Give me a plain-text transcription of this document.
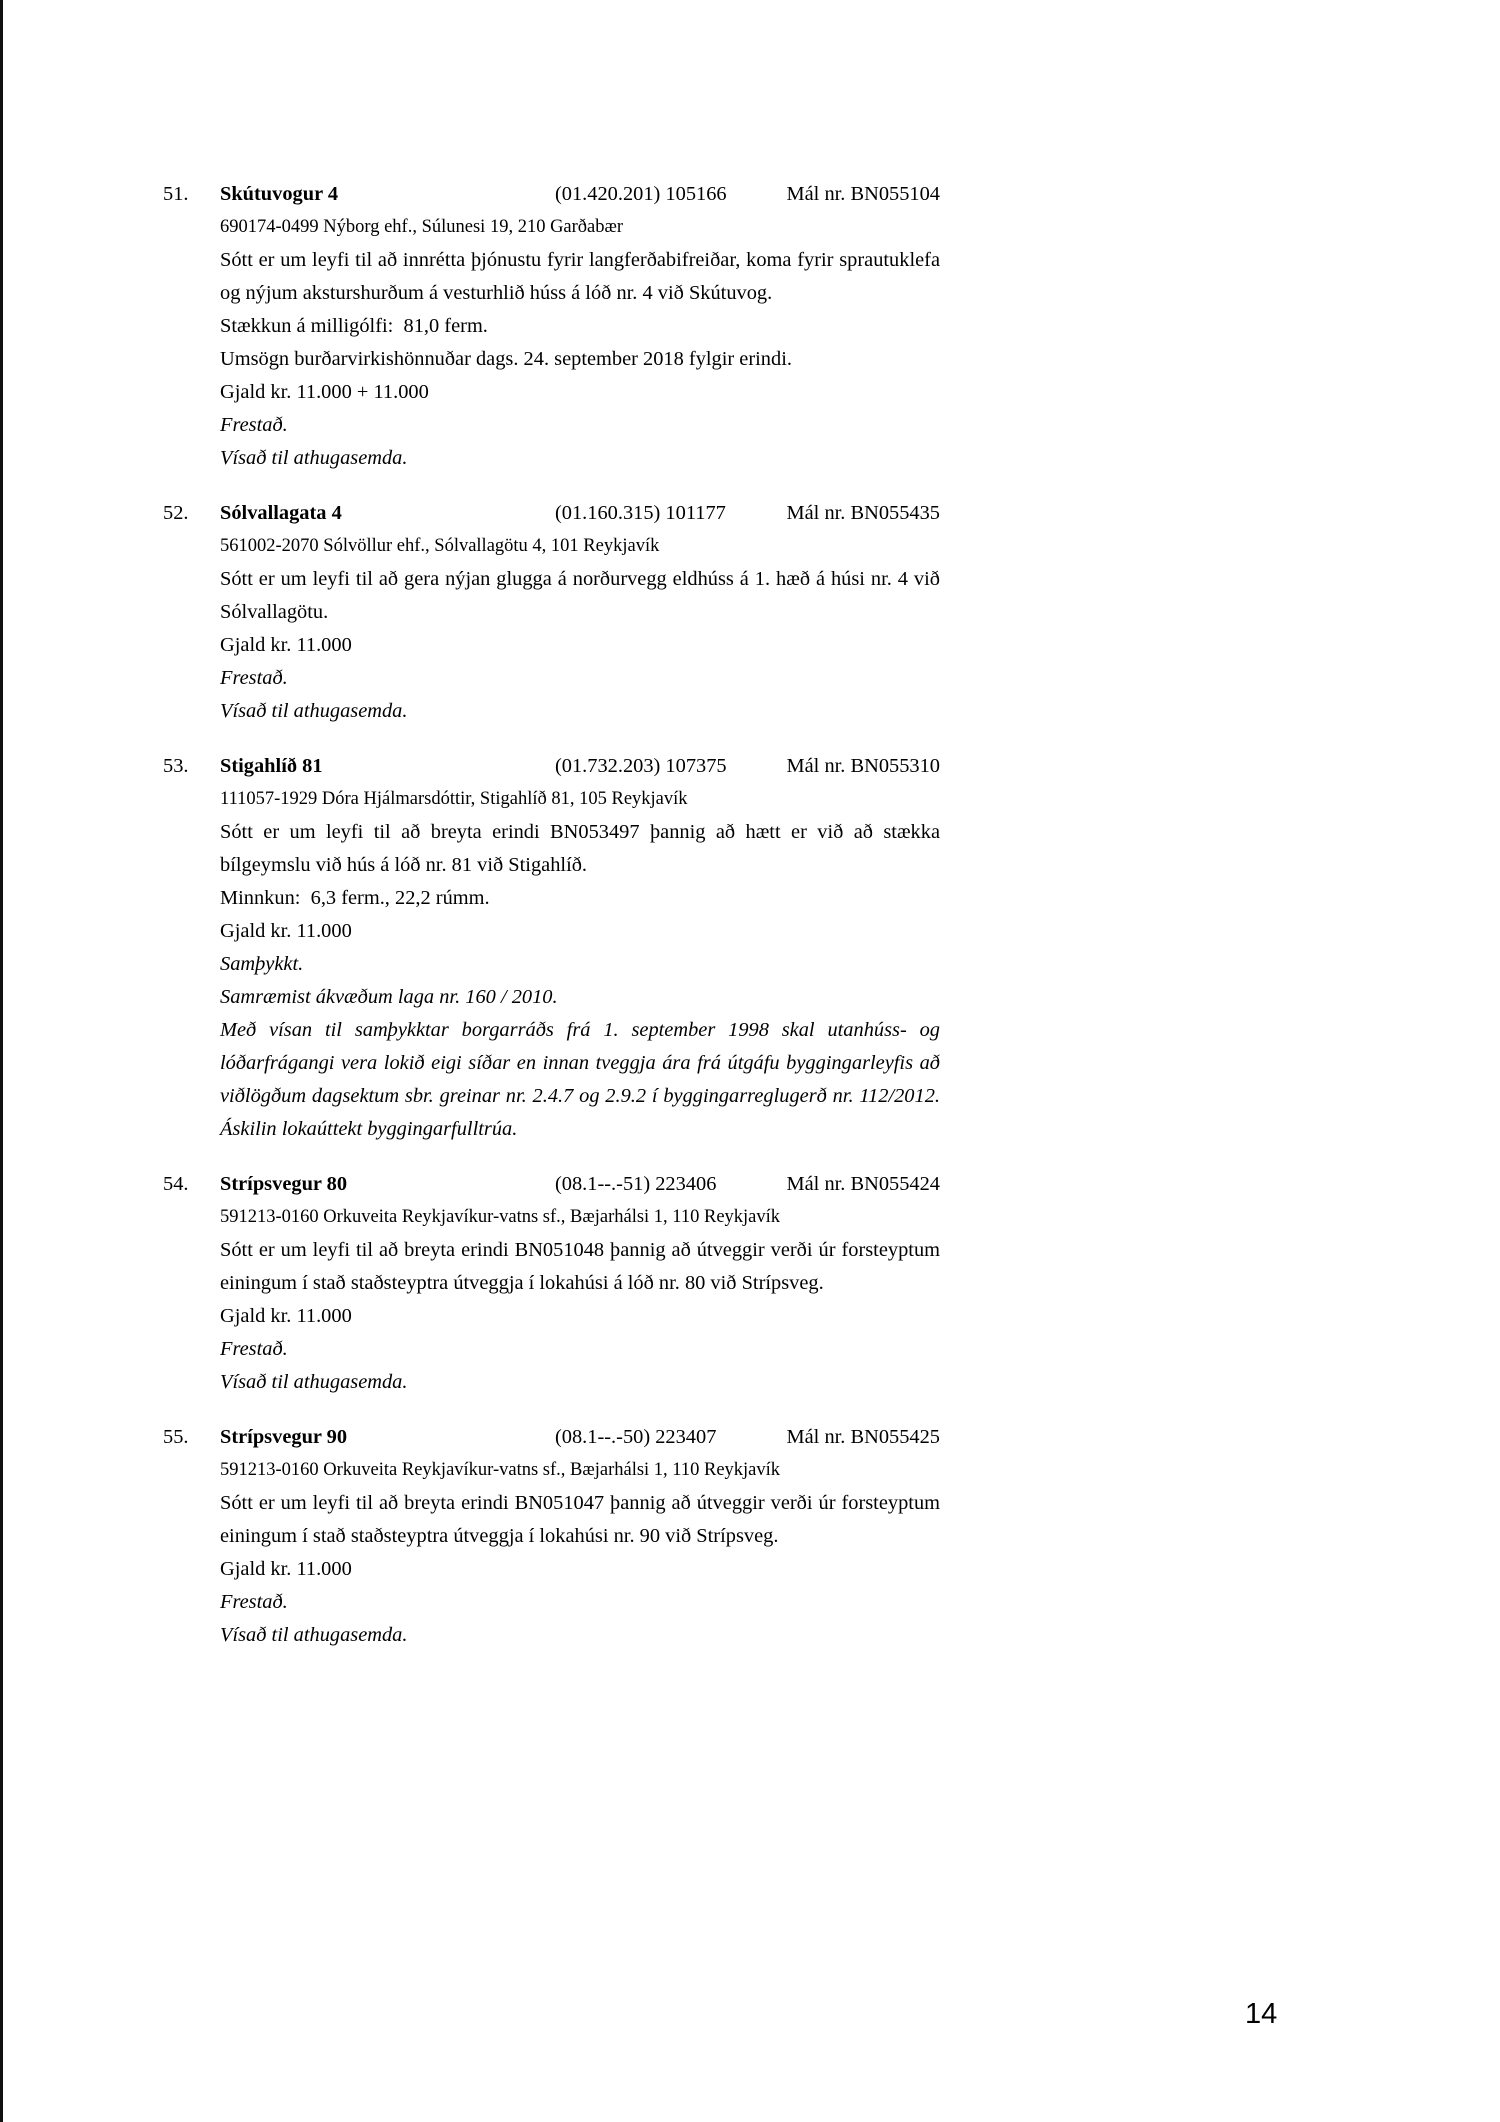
51. Skútuvogur 4	(01.420.201) 105166	Mál nr. BN055104
690174-0499 Nýborg ehf., Súlunesi 19, 210 Garðabær

Sótt er um leyfi til að innrétta þjónustu fyrir langferðabifreiðar, koma fyrir sprautuklefa og nýjum aksturshurðum á vesturhlið húss á lóð nr. 4 við Skútuvog.

Stækkun á milligólfi:  81,0 ferm.

Umsögn burðarvirkishönnuðar dags. 24. september 2018 fylgir erindi.

Gjald kr. 11.000 + 11.000

Frestað.

Vísað til athugasemda.

52. Sólvallagata 4	(01.160.315) 101177	Mál nr. BN055435
561002-2070 Sólvöllur ehf., Sólvallagötu 4, 101 Reykjavík

Sótt er um leyfi til að gera nýjan glugga á norðurvegg eldhúss á 1. hæð á húsi nr. 4 við Sólvallagötu.

Gjald kr. 11.000

Frestað.

Vísað til athugasemda.

53. Stigahlíð 81	(01.732.203) 107375	Mál nr. BN055310
111057-1929 Dóra Hjálmarsdóttir, Stigahlíð 81, 105 Reykjavík

Sótt er um leyfi til að breyta erindi BN053497 þannig að hætt er við að stækka bílgeymslu við hús á lóð nr. 81 við Stigahlíð.

Minnkun:  6,3 ferm., 22,2 rúmm.

Gjald kr. 11.000

Samþykkt.

Samræmist ákvæðum laga nr. 160 / 2010.

Með vísan til samþykktar borgarráðs frá 1. september 1998 skal utanhúss- og lóðarfrágangi vera lokið eigi síðar en innan tveggja ára frá útgáfu byggingarleyfis að viðlögðum dagsektum sbr. greinar nr. 2.4.7 og 2.9.2 í byggingarreglugerð nr. 112/2012. Áskilin lokaúttekt byggingarfulltrúa.

54. Strípsvegur 80	(08.1--.-51) 223406	Mál nr. BN055424
591213-0160 Orkuveita Reykjavíkur-vatns sf., Bæjarhálsi 1, 110 Reykjavík

Sótt er um leyfi til að breyta erindi BN051048 þannig að útveggir verði úr forsteyptum einingum í stað staðsteyptra útveggja í lokahúsi á lóð nr. 80 við Strípsveg.

Gjald kr. 11.000

Frestað.

Vísað til athugasemda.

55. Strípsvegur 90	(08.1--.-50) 223407	Mál nr. BN055425
591213-0160 Orkuveita Reykjavíkur-vatns sf., Bæjarhálsi 1, 110 Reykjavík

Sótt er um leyfi til að breyta erindi BN051047 þannig að útveggir verði úr forsteyptum einingum í stað staðsteyptra útveggja í lokahúsi nr. 90 við Strípsveg.

Gjald kr. 11.000

Frestað.

Vísað til athugasemda.

14
